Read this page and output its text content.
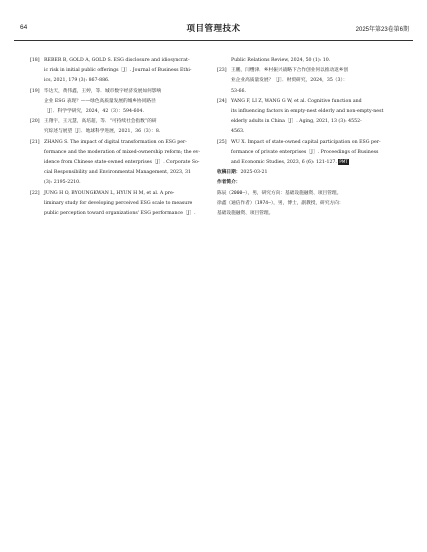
64	项目管理技术	2025年第23卷第6期
[18] REBER B, GOLD A, GOLD S. ESG disclosure and idiosyncrat-
ic risk in initial public offerings［J］. Journal of Business Ethi-
ics, 2021, 179 (3): 867-886.
[19] 毕达天，黄伟鑫，王婷，等．城市数字经济发展如何影响
企业 ESG 表现？——绿色高质量发展的城乡协同路径
［J］．科学学研究，2024，42（3）：594-604.
[20] 王翔宇，王元慧，高培超，等．“可持续社会指数”的研
究综述与展望［J］．地球科学进展，2021，36（3）：8.
[21] ZHANG S. The impact of digital transformation on ESG per-
formance and the moderation of mixed-ownership reform; the ev-
idence from Chinese state-owned enterprises［J］. Corporate So-
cial Responsibility and Environmental Management, 2023, 31
(3): 2195-2210.
[22] JUNG H O, BYOUNGKWAN L, HYUN H M, et al. A pre-
liminary study for developing perceived ESG scale to measure
public perception toward organizations' ESG performance［J］.
Public Relations Review, 2024, 50 (1): 10.
[23] 王鹏，闫缨津．乡村振兴战略下合作创业何以推动返乡创
业企业高质量发展？［J］．财贸研究，2024，35（3）：
53-66.
[24] YANG F, LI Z, WANG G W, et al. Cognitive function and
its influencing factors in empty-nest elderly and non-empty-nest
elderly adults in China［J］. Aging, 2021, 13 (3): 4552-
4563.
[25] WU X. Impact of state-owned capital participation on ESG per-
formance of private enterprises［J］. Proceedings of Business
and Economic Studies, 2023, 6 (6): 121-127. PMT
收稿日期：2025-03-21
作者简介：
陈辰（2000—），男，研究方向：基础设施融资、项目管理。
徐鑫（通信作者）（1974—），男，博士，副教授，研究方向：
基础设施融资、项目管理。
